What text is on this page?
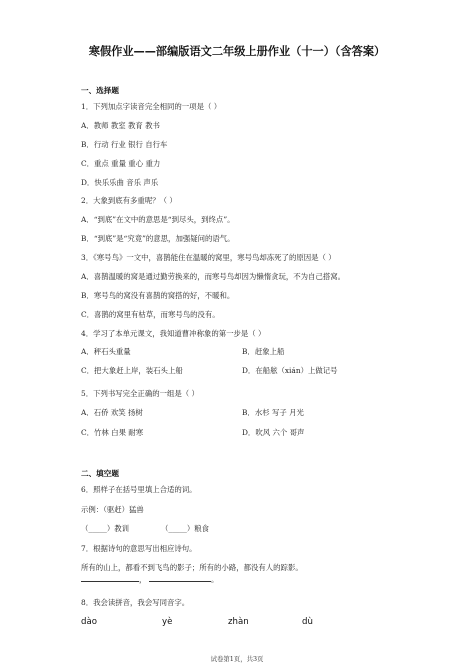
寒假作业——部编版语文二年级上册作业（十一）（含答案）
一、选择题
1．下列加点字读音完全相同的一项是（ ）
A．教师 教室 教育 教书
B．行动 行业 银行 自行车
C．重点 重量 重心 重力
D．快乐乐曲 音乐 声乐
2．大象到底有多重呢？（ ）
A．“到底”在文中的意思是“到尽头，到终点”。
B．“到底”是“究竟”的意思，加强疑问的语气。
3．《寒号鸟》一文中，喜鹊能住在温暖的窝里，寒号鸟却冻死了的原因是（ ）
A．喜鹊温暖的窝是通过勤劳换来的，而寒号鸟却因为懒惰贪玩，不为自己搭窝。
B．寒号鸟的窝没有喜鹊的窝搭的好，不暖和。
C．喜鹊的窝里有枯草，而寒号鸟的没有。
4．学习了本单元课文，我知道曹冲称象的第一步是（ ）
A．秤石头重量	B．赶象上船
C．把大象赶上岸，装石头上船	D．在船舷（xián）上做记号
5．下列书写完全正确的一组是（ ）
A．石侨 欢笑 扬树	B．水杉 写子 月光
C．竹林 白果 耐寒	D．吹风 六个 哥声
二、填空题
6．照样子在括号里填上合适的词。
示例：（驱赶）猛兽
（_____）教训	（_____）粮食
7．根据诗句的意思写出相应诗句。
所有的山上，都看不到飞鸟的影子；所有的小路，都没有人的踪影。
，	。
8．我会读拼音，我会写同音字。
dào	yè	zhàn	dù
试卷第1页，共3页
